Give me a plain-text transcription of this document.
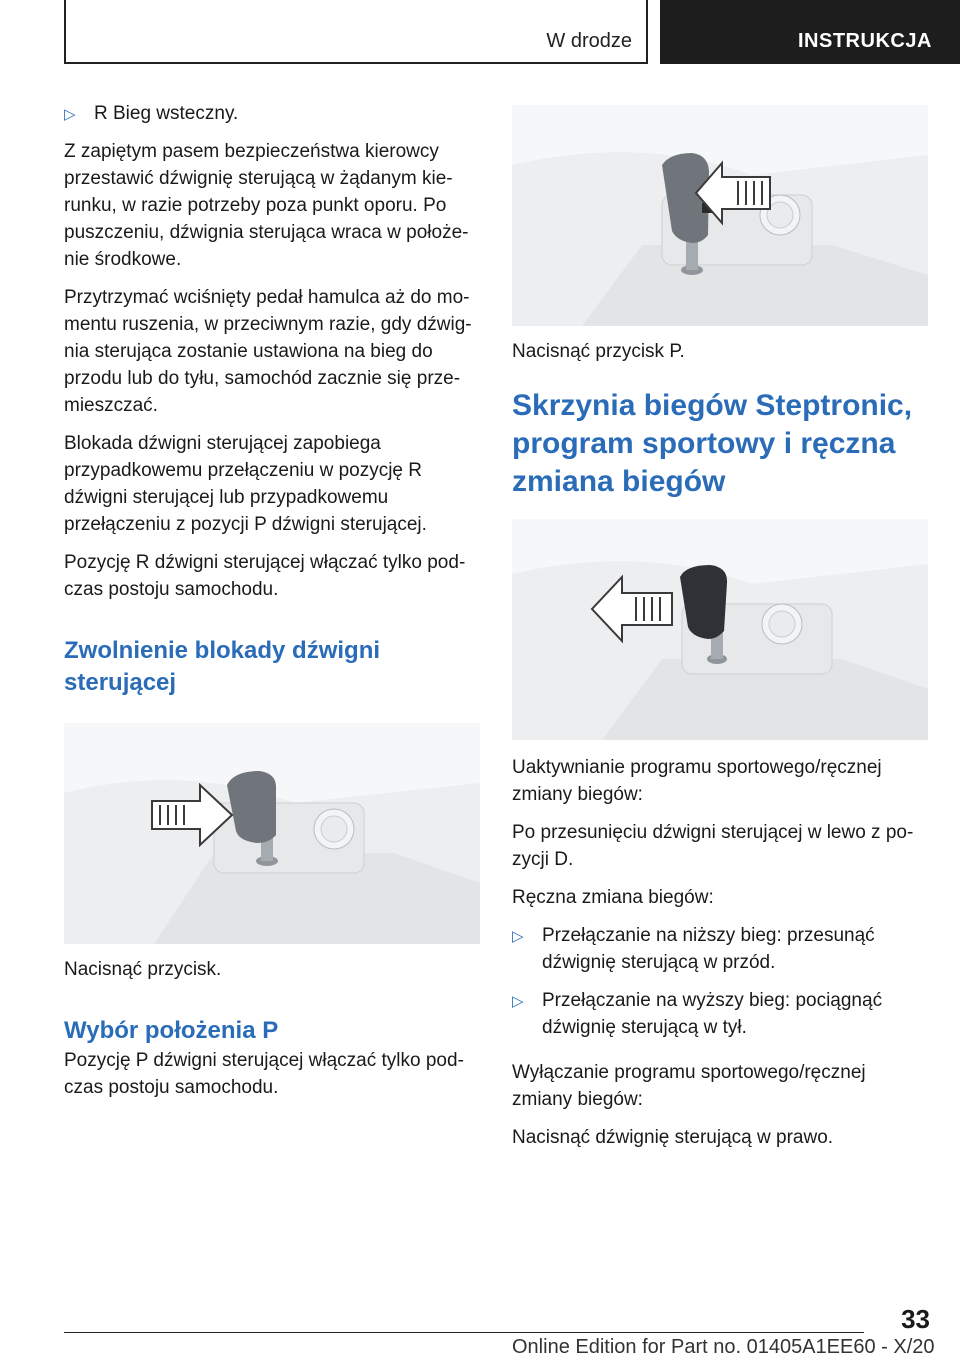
W drodze	INSTRUKCJA

▷ R Bieg wsteczny.

Z zapiętym pasem bezpieczeństwa kierowcy przestawić dźwignię sterującą w żądanym kierunku, w razie potrzeby poza punkt oporu. Po puszczeniu, dźwignia sterująca wraca w położenie środkowe.

Przytrzymać wciśnięty pedał hamulca aż do momentu ruszenia, w przeciwnym razie, gdy dźwignia sterująca zostanie ustawiona na bieg do przodu lub do tyłu, samochód zacznie się przemieszczać.

Blokada dźwigni sterującej zapobiega przypadkowemu przełączeniu w pozycję R dźwigni sterującej lub przypadkowemu przełączeniu z pozycji P dźwigni sterującej.

Pozycję R dźwigni sterującej włączać tylko podczas postoju samochodu.

Zwolnienie blokady dźwigni sterującej

Nacisnąć przycisk.

Wybór położenia P

Pozycję P dźwigni sterującej włączać tylko podczas postoju samochodu.

Nacisnąć przycisk P.

Skrzynia biegów Steptronic, program sportowy i ręczna zmiana biegów

Uaktywnianie programu sportowego/ręcznej zmiany biegów:

Po przesunięciu dźwigni sterującej w lewo z pozycji D.

Ręczna zmiana biegów:

▷ Przełączanie na niższy bieg: przesunąć dźwignię sterującą w przód.

▷ Przełączanie na wyższy bieg: pociągnąć dźwignię sterującą w tył.

Wyłączanie programu sportowego/ręcznej zmiany biegów:

Nacisnąć dźwignię sterującą w prawo.

33
Online Edition for Part no. 01405A1EE60 - X/20
